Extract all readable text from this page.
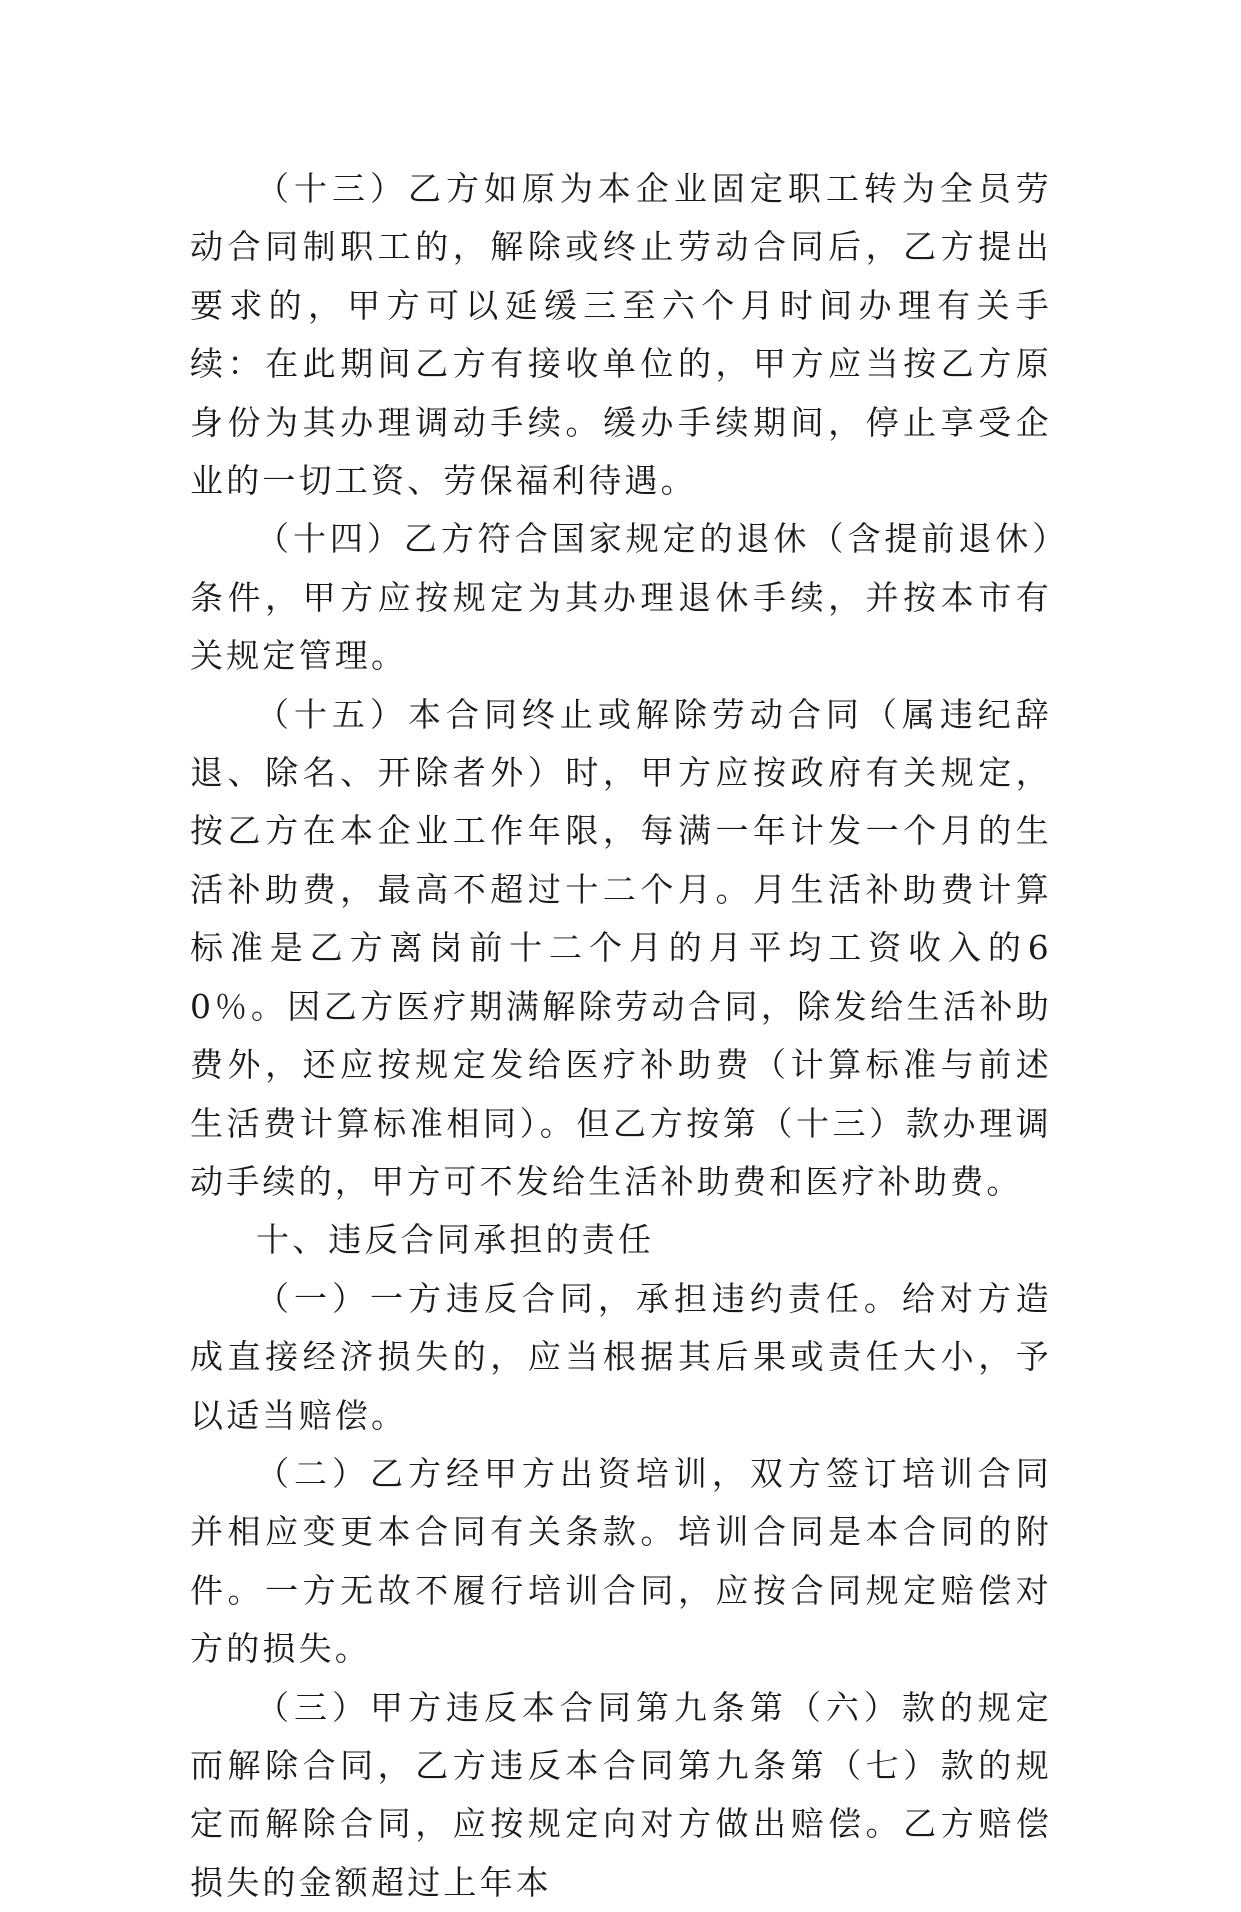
（十三）乙方如原为本企业固定职工转为全员劳动合同制职工的，解除或终止劳动合同后，乙方提出要求的，甲方可以延缓三至六个月时间办理有关手续：在此期间乙方有接收单位的，甲方应当按乙方原身份为其办理调动手续。缓办手续期间，停止享受企业的一切工资、劳保福利待遇。

（十四）乙方符合国家规定的退休（含提前退休）条件，甲方应按规定为其办理退休手续，并按本市有关规定管理。

（十五）本合同终止或解除劳动合同（属违纪辞退、除名、开除者外）时，甲方应按政府有关规定，按乙方在本企业工作年限，每满一年计发一个月的生活补助费，最高不超过十二个月。月生活补助费计算标准是乙方离岗前十二个月的月平均工资收入的60％。因乙方医疗期满解除劳动合同，除发给生活补助费外，还应按规定发给医疗补助费（计算标准与前述生活费计算标准相同）。但乙方按第（十三）款办理调动手续的，甲方可不发给生活补助费和医疗补助费。

十、违反合同承担的责任

（一）一方违反合同，承担违约责任。给对方造成直接经济损失的，应当根据其后果或责任大小，予以适当赔偿。

（二）乙方经甲方出资培训，双方签订培训合同并相应变更本合同有关条款。培训合同是本合同的附件。一方无故不履行培训合同，应按合同规定赔偿对方的损失。

（三）甲方违反本合同第九条第（六）款的规定而解除合同，乙方违反本合同第九条第（七）款的规定而解除合同，应按规定向对方做出赔偿。乙方赔偿损失的金额超过上年本
